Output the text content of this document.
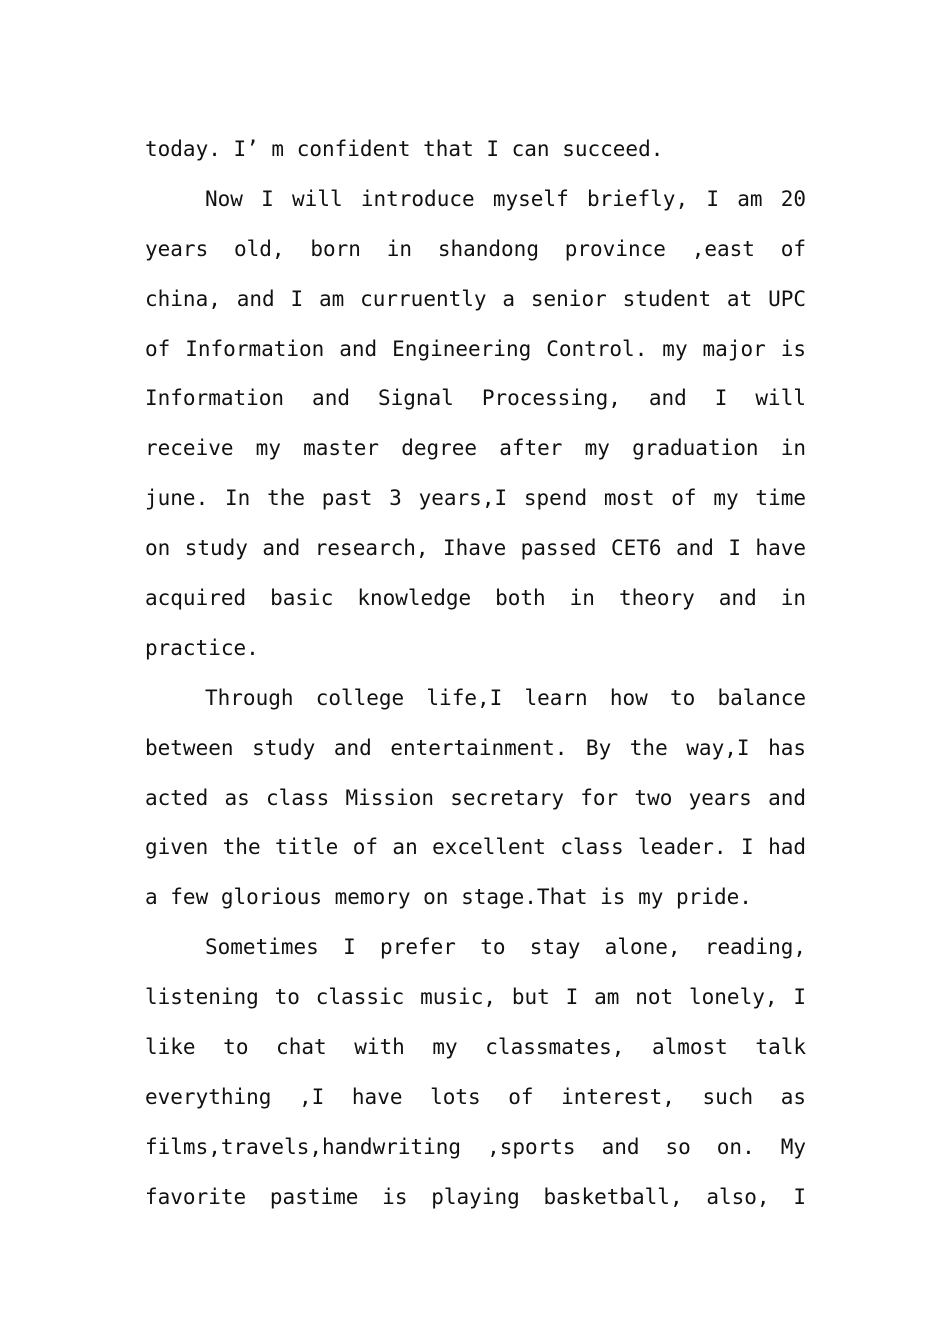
today. I’ m confident that I can succeed.
Now I will introduce myself briefly, I am 20
years old, born in shandong province ,east of
china, and I am curruently a senior student at UPC
of Information and Engineering Control. my major is
Information and Signal Processing, and I will
receive my master degree after my graduation in
june. In the past 3 years,I spend most of my time
on study and research, Ihave passed CET6 and I have
acquired basic knowledge both in theory and in
practice.
Through college life,I learn how to balance
between study and entertainment. By the way,I has
acted as class Mission secretary for two years and
given the title of an excellent class leader. I had
a few glorious memory on stage.That is my pride.
Sometimes I prefer to stay alone, reading,
listening to classic music, but I am not lonely, I
like to chat with my classmates, almost talk
everything ,I have lots of interest, such as
films,travels,handwriting ,sports and so on. My
favorite pastime is playing basketball, also, I
